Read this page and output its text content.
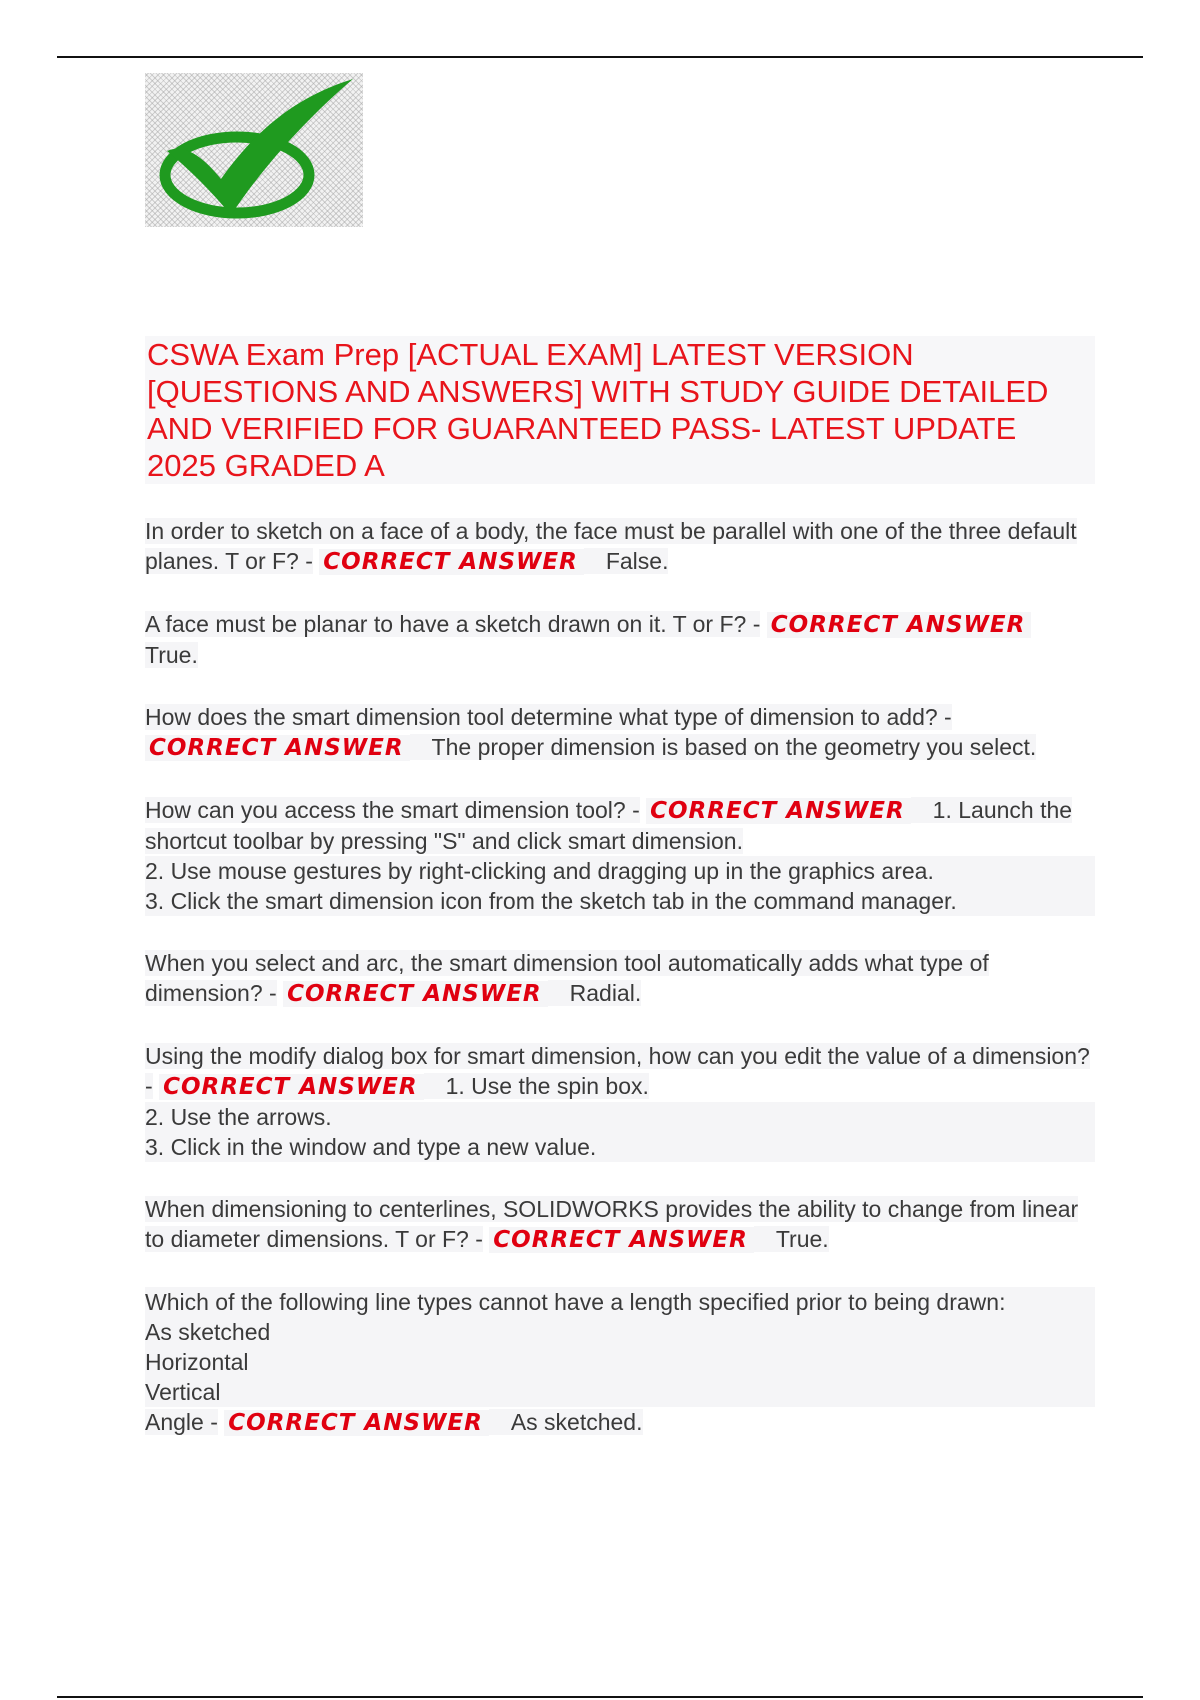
CSWA Exam Prep [ACTUAL EXAM] LATEST VERSION [QUESTIONS AND ANSWERS] WITH STUDY GUIDE DETAILED AND VERIFIED FOR GUARANTEED PASS- LATEST UPDATE 2025 GRADED A

In order to sketch on a face of a body, the face must be parallel with one of the three default planes. T or F? - CORRECT ANSWER False.

A face must be planar to have a sketch drawn on it. T or F? - CORRECT ANSWER
True.

How does the smart dimension tool determine what type of dimension to add? -
CORRECT ANSWER The proper dimension is based on the geometry you select.

How can you access the smart dimension tool? - CORRECT ANSWER 1. Launch the shortcut toolbar by pressing "S" and click smart dimension.
2. Use mouse gestures by right-clicking and dragging up in the graphics area.
3. Click the smart dimension icon from the sketch tab in the command manager.

When you select and arc, the smart dimension tool automatically adds what type of dimension? - CORRECT ANSWER Radial.

Using the modify dialog box for smart dimension, how can you edit the value of a dimension? - CORRECT ANSWER 1. Use the spin box.
2. Use the arrows.
3. Click in the window and type a new value.

When dimensioning to centerlines, SOLIDWORKS provides the ability to change from linear to diameter dimensions. T or F? - CORRECT ANSWER True.

Which of the following line types cannot have a length specified prior to being drawn:
As sketched
Horizontal
Vertical
Angle - CORRECT ANSWER As sketched.
